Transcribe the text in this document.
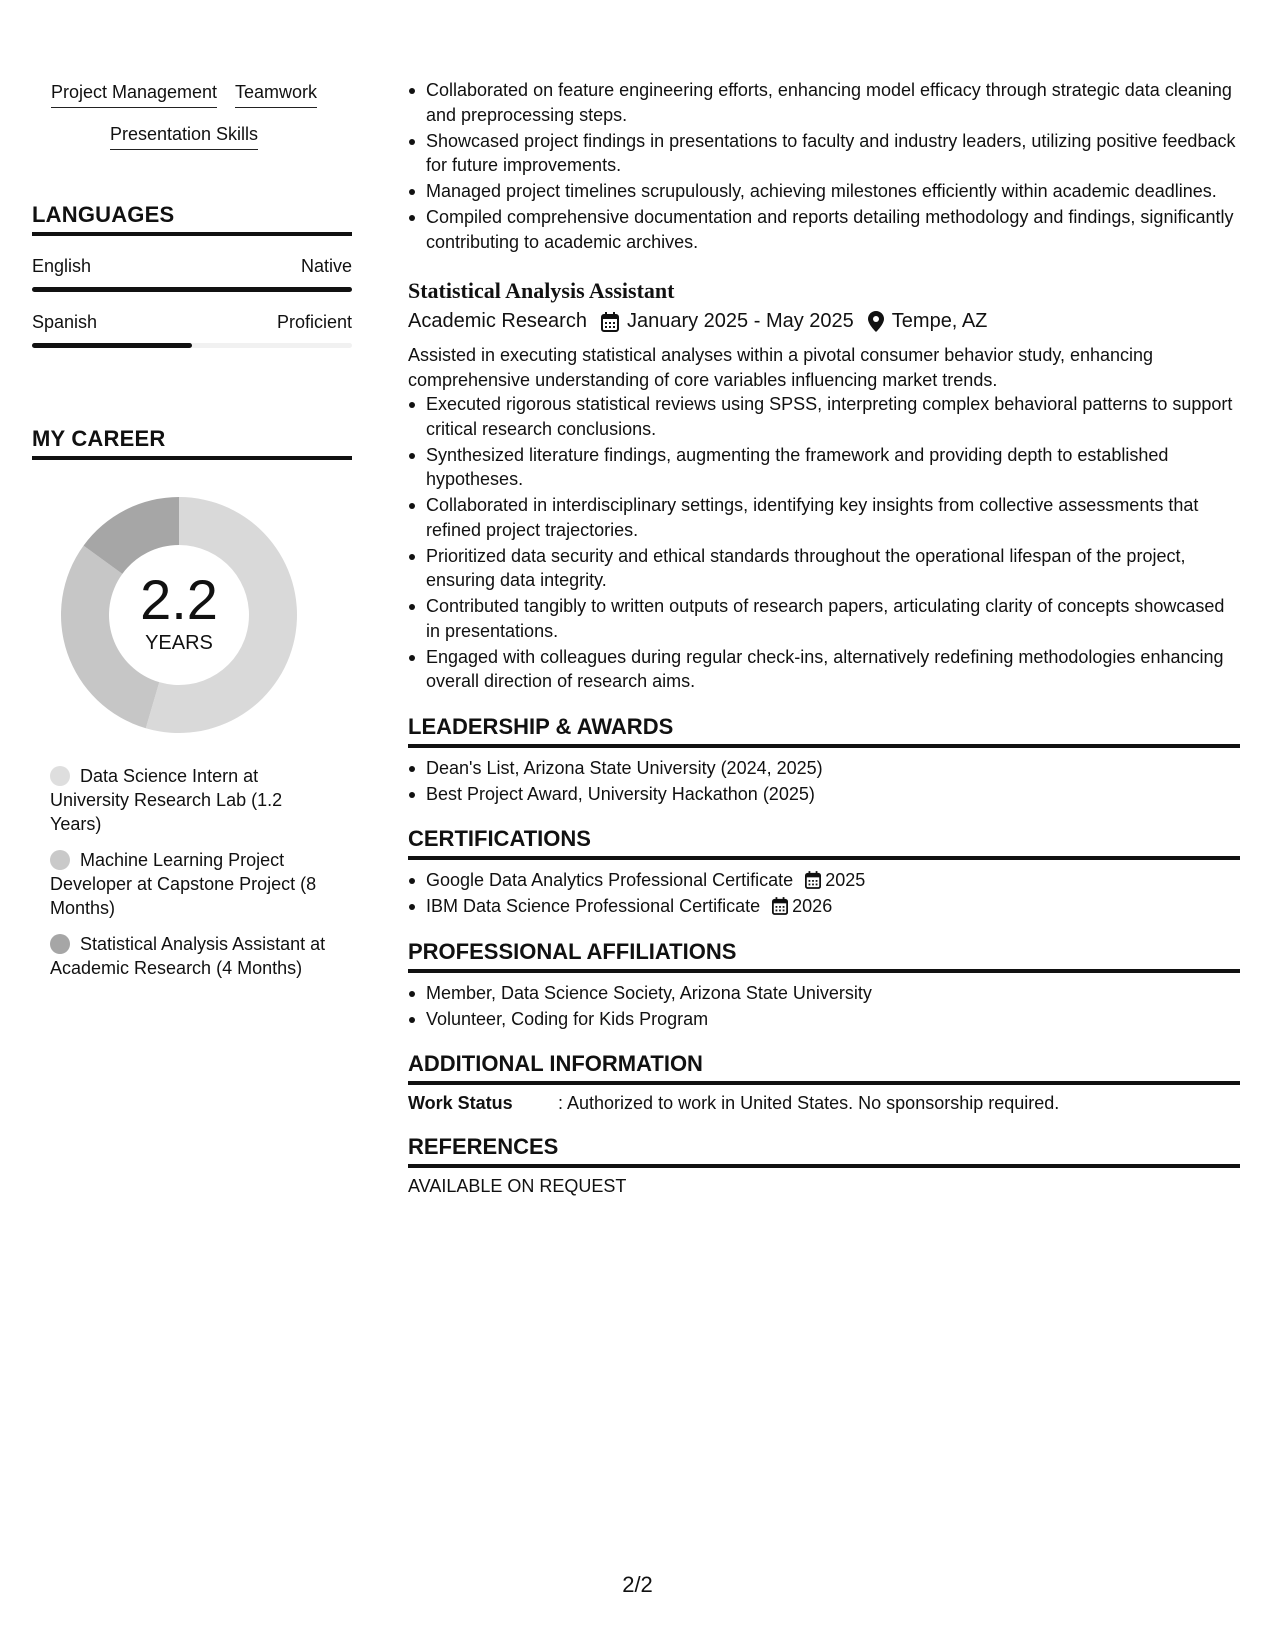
Project Management Teamwork
Presentation Skills
LANGUAGES
English	Native
Spanish	Proficient
MY CAREER
2.2
YEARS
Data Science Intern at University Research Lab (1.2 Years)
Machine Learning Project Developer at Capstone Project (8 Months)
Statistical Analysis Assistant at Academic Research (4 Months)
Collaborated on feature engineering efforts, enhancing model efficacy through strategic data cleaning and preprocessing steps.
Showcased project findings in presentations to faculty and industry leaders, utilizing positive feedback for future improvements.
Managed project timelines scrupulously, achieving milestones efficiently within academic deadlines.
Compiled comprehensive documentation and reports detailing methodology and findings, significantly contributing to academic archives.
Statistical Analysis Assistant
Academic Research January 2025 - May 2025 Tempe, AZ
Assisted in executing statistical analyses within a pivotal consumer behavior study, enhancing comprehensive understanding of core variables influencing market trends.
Executed rigorous statistical reviews using SPSS, interpreting complex behavioral patterns to support critical research conclusions.
Synthesized literature findings, augmenting the framework and providing depth to established hypotheses.
Collaborated in interdisciplinary settings, identifying key insights from collective assessments that refined project trajectories.
Prioritized data security and ethical standards throughout the operational lifespan of the project, ensuring data integrity.
Contributed tangibly to written outputs of research papers, articulating clarity of concepts showcased in presentations.
Engaged with colleagues during regular check-ins, alternatively redefining methodologies enhancing overall direction of research aims.
LEADERSHIP & AWARDS
Dean's List, Arizona State University (2024, 2025)
Best Project Award, University Hackathon (2025)
CERTIFICATIONS
Google Data Analytics Professional Certificate 2025
IBM Data Science Professional Certificate 2026
PROFESSIONAL AFFILIATIONS
Member, Data Science Society, Arizona State University
Volunteer, Coding for Kids Program
ADDITIONAL INFORMATION
Work Status	: Authorized to work in United States. No sponsorship required.
REFERENCES
AVAILABLE ON REQUEST
2/2
